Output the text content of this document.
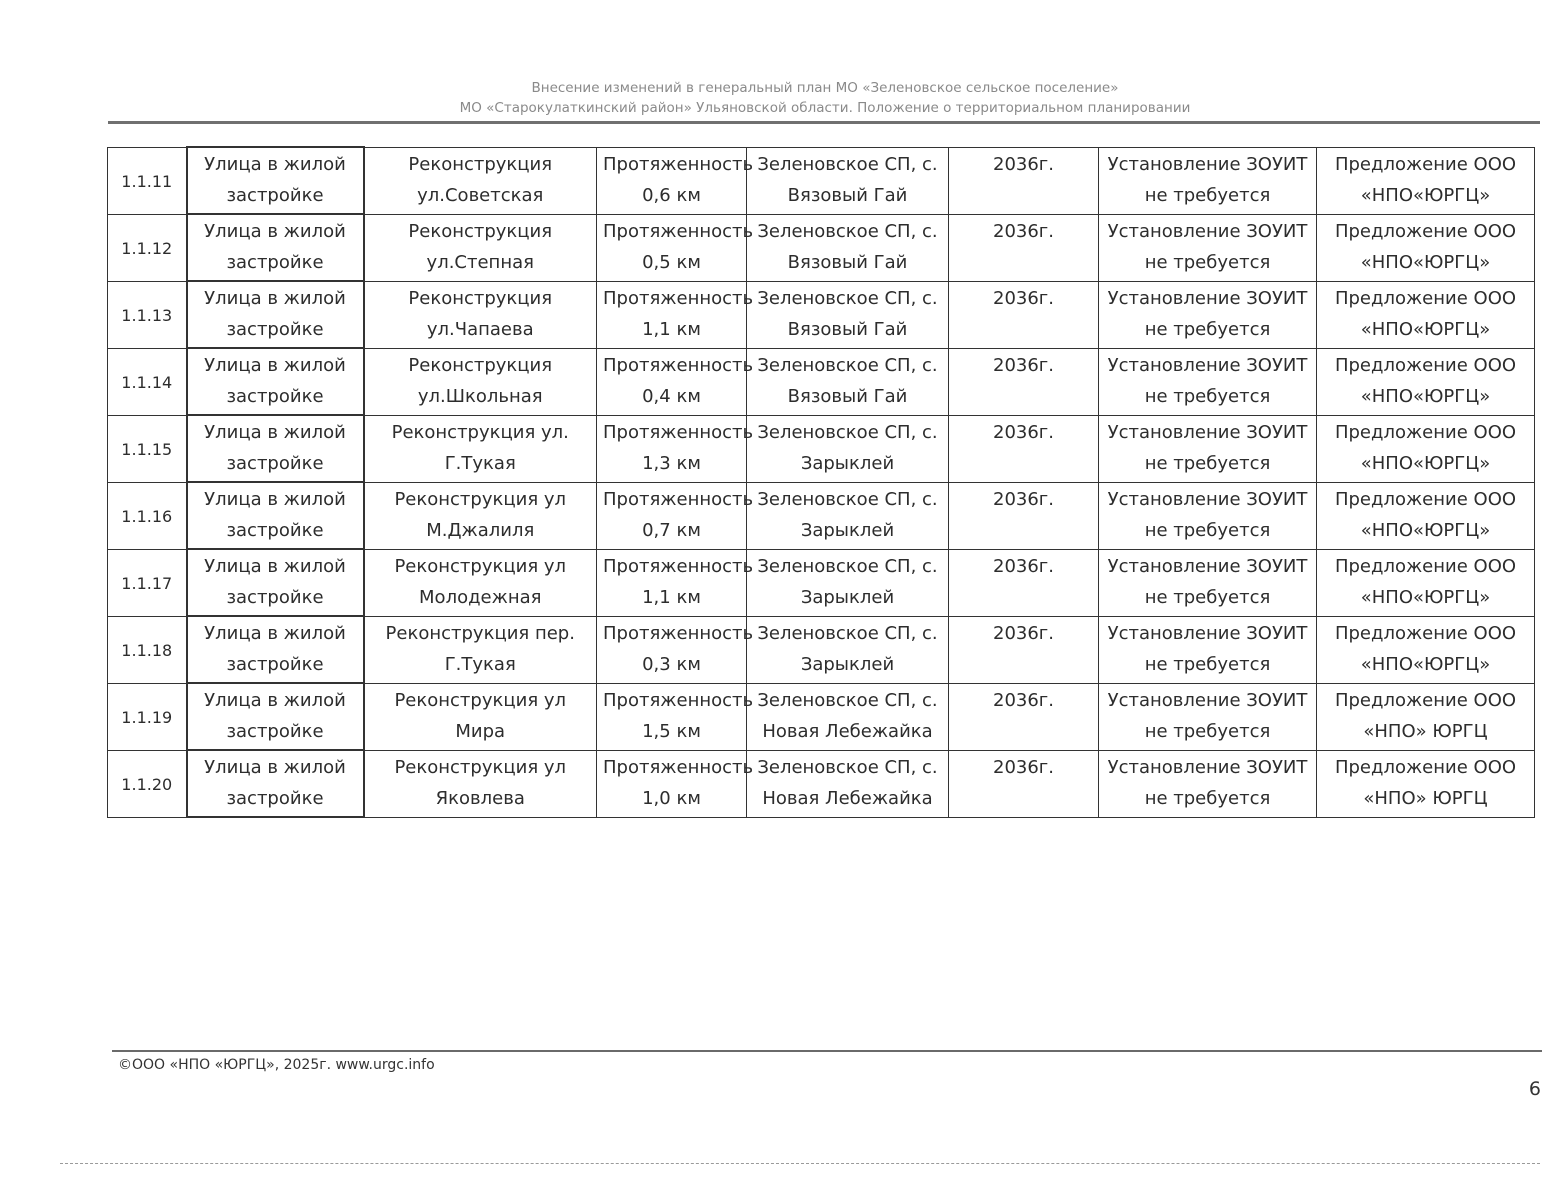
Внесение изменений в генеральный план МО «Зеленовское сельское поселение»
МО «Старокулаткинский район» Ульяновской области. Положение о территориальном планировании
1.1.11	Улица в жилой застройке	Реконструкция ул.Советская	Протяженность 0,6 км	Зеленовское СП, с. Вязовый Гай	2036г.	Установление ЗОУИТ не требуется	Предложение ООО «НПО«ЮРГЦ»
1.1.12	Улица в жилой застройке	Реконструкция ул.Степная	Протяженность 0,5 км	Зеленовское СП, с. Вязовый Гай	2036г.	Установление ЗОУИТ не требуется	Предложение ООО «НПО«ЮРГЦ»
1.1.13	Улица в жилой застройке	Реконструкция ул.Чапаева	Протяженность 1,1 км	Зеленовское СП, с. Вязовый Гай	2036г.	Установление ЗОУИТ не требуется	Предложение ООО «НПО«ЮРГЦ»
1.1.14	Улица в жилой застройке	Реконструкция ул.Школьная	Протяженность 0,4 км	Зеленовское СП, с. Вязовый Гай	2036г.	Установление ЗОУИТ не требуется	Предложение ООО «НПО«ЮРГЦ»
1.1.15	Улица в жилой застройке	Реконструкция ул. Г.Тукая	Протяженность 1,3 км	Зеленовское СП, с. Зарыклей	2036г.	Установление ЗОУИТ не требуется	Предложение ООО «НПО«ЮРГЦ»
1.1.16	Улица в жилой застройке	Реконструкция ул М.Джалиля	Протяженность 0,7 км	Зеленовское СП, с. Зарыклей	2036г.	Установление ЗОУИТ не требуется	Предложение ООО «НПО«ЮРГЦ»
1.1.17	Улица в жилой застройке	Реконструкция ул Молодежная	Протяженность 1,1 км	Зеленовское СП, с. Зарыклей	2036г.	Установление ЗОУИТ не требуется	Предложение ООО «НПО«ЮРГЦ»
1.1.18	Улица в жилой застройке	Реконструкция пер. Г.Тукая	Протяженность 0,3 км	Зеленовское СП, с. Зарыклей	2036г.	Установление ЗОУИТ не требуется	Предложение ООО «НПО«ЮРГЦ»
1.1.19	Улица в жилой застройке	Реконструкция ул Мира	Протяженность 1,5 км	Зеленовское СП, с. Новая Лебежайка	2036г.	Установление ЗОУИТ не требуется	Предложение ООО «НПО» ЮРГЦ
1.1.20	Улица в жилой застройке	Реконструкция ул Яковлева	Протяженность 1,0 км	Зеленовское СП, с. Новая Лебежайка	2036г.	Установление ЗОУИТ не требуется	Предложение ООО «НПО» ЮРГЦ
©ООО «НПО «ЮРГЦ», 2025г. www.urgc.info
6
